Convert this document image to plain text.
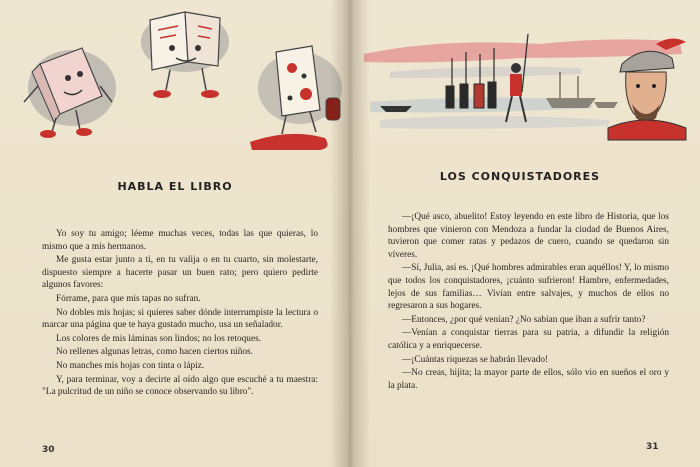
HABLA EL LIBRO

Yo soy tu amigo; léeme muchas veces, todas las que quieras, lo mismo que a mis hermanos.

Me gusta estar junto a ti, en tu valija o en tu cuarto, sin molestarte, dispuesto siempre a hacerte pasar un buen rato; pero quiero pedirte algunos favores:

Fórrame, para que mis tapas no sufran.

No dobles mis hojas; si quieres saber dónde interrumpiste la lectura o marcar una página que te haya gustado mucho, usa un señalador.

Los colores de mis láminas son lindos; no los retoques.

No rellenes algunas letras, como hacen ciertos niños.

No manches mis hojas con tinta o lápiz.

Y, para terminar, voy a decirte al oído algo que escuché a tu maestra: "La pulcritud de un niño se conoce observando su libro".

30
LOS CONQUISTADORES

—¡Qué asco, abuelito! Estoy leyendo en este libro de Historia, que los hombres que vinieron con Mendoza a fundar la ciudad de Buenos Aires, tuvieron que comer ratas y pedazos de cuero, cuando se quedaron sin víveres.

—Sí, Julia, así es. ¡Qué hombres admirables eran aquéllos! Y, lo mismo que todos los conquistadores, ¡cuánto sufrieron! Hambre, enfermedades, lejos de sus familias… Vivían entre salvajes, y muchos de ellos no regresaron a sus hogares.

—Entonces, ¿por qué venían? ¿No sabían que iban a sufrir tanto?

—Venían a conquistar tierras para su patria, a difundir la religión católica y a enriquecerse.

—¡Cuántas riquezas se habrán llevado!

—No creas, hijita; la mayor parte de ellos, sólo vio en sueños el oro y la plata.

31
